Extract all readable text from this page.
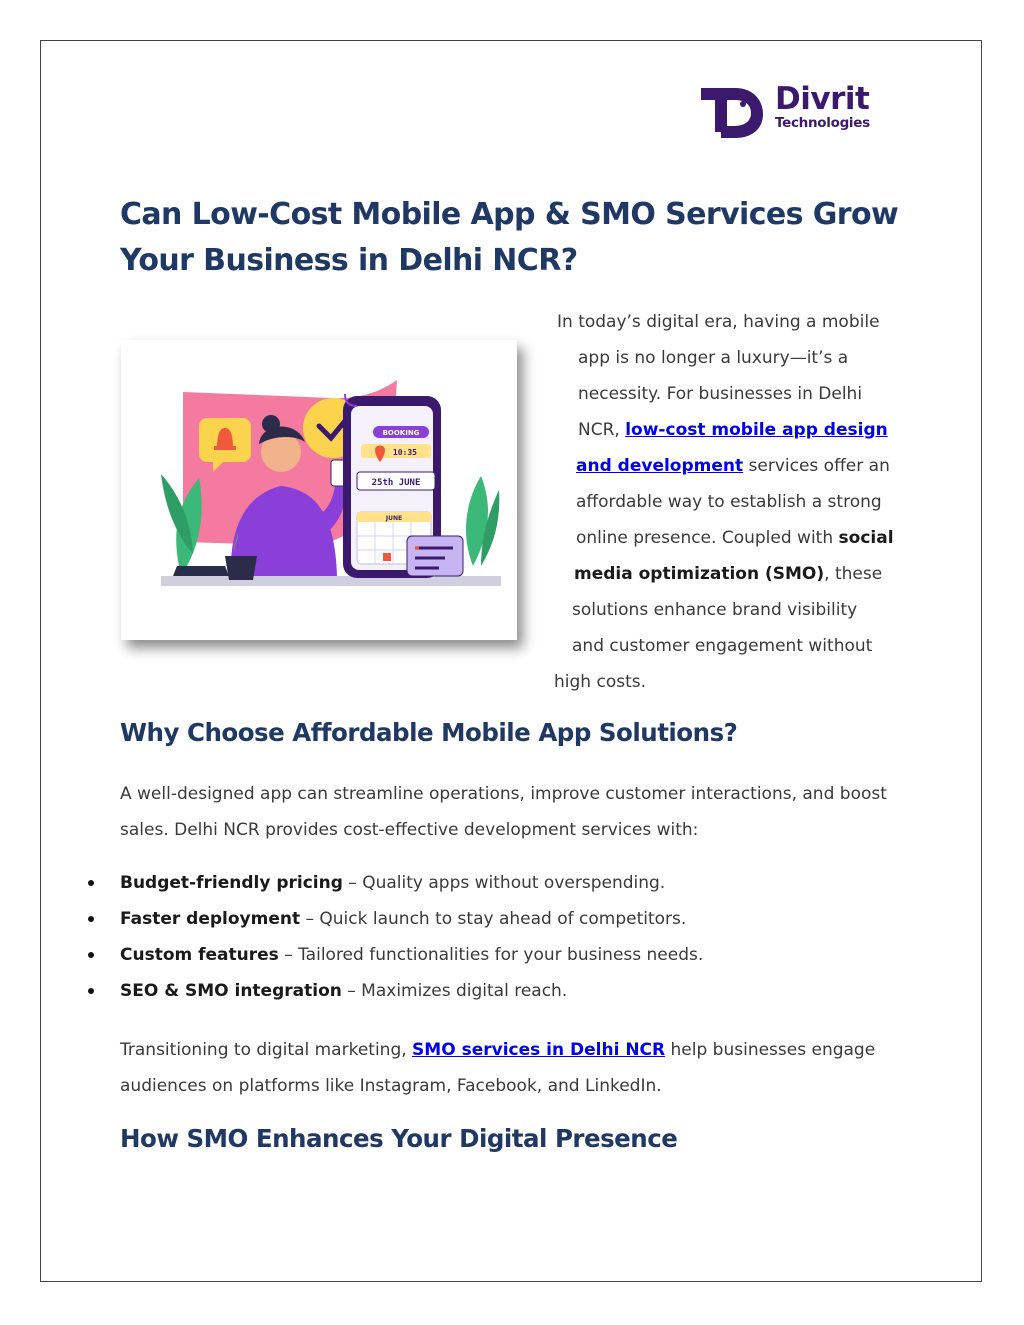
Divrit
Technologies
Can Low-Cost Mobile App & SMO Services Grow Your Business in Delhi NCR?
BOOKING
10:35
25th JUNE
JUNE
In today’s digital era, having a mobile
app is no longer a luxury—it’s a
necessity. For businesses in Delhi
NCR, low-cost mobile app design
and development services offer an
affordable way to establish a strong
online presence. Coupled with social
media optimization (SMO), these
solutions enhance brand visibility
and customer engagement without
high costs.
Why Choose Affordable Mobile App Solutions?
A well-designed app can streamline operations, improve customer interactions, and boost sales. Delhi NCR provides cost-effective development services with:
Budget-friendly pricing – Quality apps without overspending.
Faster deployment – Quick launch to stay ahead of competitors.
Custom features – Tailored functionalities for your business needs.
SEO & SMO integration – Maximizes digital reach.
Transitioning to digital marketing, SMO services in Delhi NCR help businesses engage audiences on platforms like Instagram, Facebook, and LinkedIn.
How SMO Enhances Your Digital Presence
